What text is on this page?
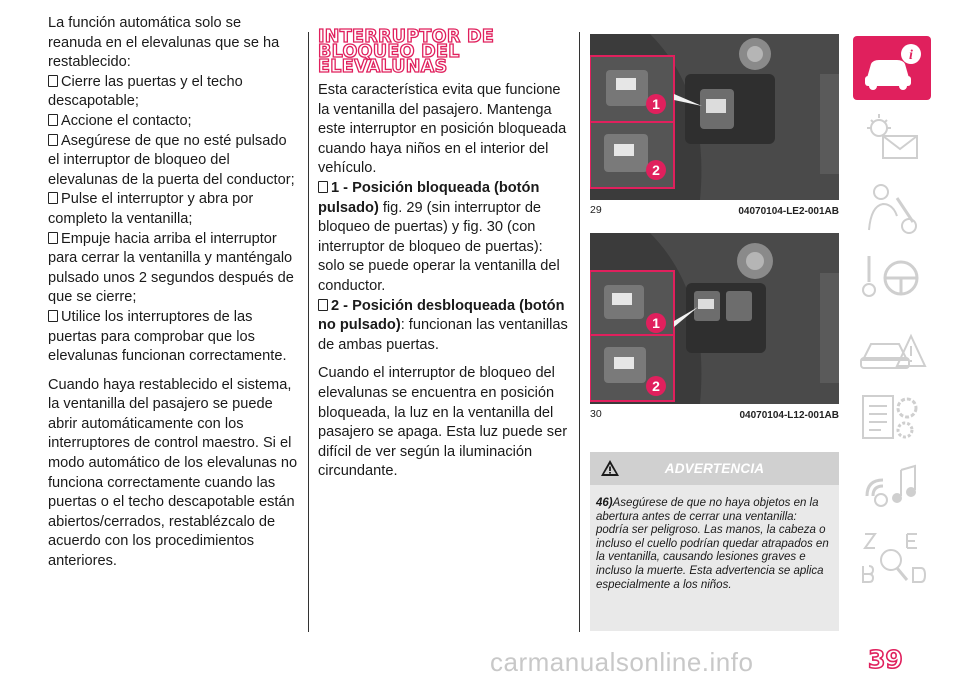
La función automática solo se reanuda en el elevalunas que se ha restablecido:

Cierre las puertas y el techo descapotable;
Accione el contacto;
Asegúrese de que no esté pulsado el interruptor de bloqueo del elevalunas de la puerta del conductor;
Pulse el interruptor y abra por completo la ventanilla;
Empuje hacia arriba el interruptor para cerrar la ventanilla y manténgalo pulsado unos 2 segundos después de que se cierre;
Utilice los interruptores de las puertas para comprobar que los elevalunas funcionan correctamente.

Cuando haya restablecido el sistema, la ventanilla del pasajero se puede abrir automáticamente con los interruptores de control maestro. Si el modo automático de los elevalunas no funciona correctamente cuando las puertas o el techo descapotable están abiertos/cerrados, restablézcalo de acuerdo con los procedimientos anteriores.

INTERRUPTOR DE BLOQUEO DEL ELEVALUNAS

Esta característica evita que funcione la ventanilla del pasajero. Mantenga este interruptor en posición bloqueada cuando haya niños en el interior del vehículo.

1 - Posición bloqueada (botón pulsado) fig. 29 (sin interruptor de bloqueo de puertas) y fig. 30 (con interruptor de bloqueo de puertas): solo se puede operar la ventanilla del conductor.
2 - Posición desbloqueada (botón no pulsado): funcionan las ventanillas de ambas puertas.

Cuando el interruptor de bloqueo del elevalunas se encuentra en posición bloqueada, la luz en la ventanilla del pasajero se apaga. Esta luz puede ser difícil de ver según la iluminación circundante.

1
2
29	04070104-LE2-001AB
1
2
30	04070104-L12-001AB
ADVERTENCIA
46)Asegúrese de que no haya objetos en la abertura antes de cerrar una ventanilla: podría ser peligroso. Las manos, la cabeza o incluso el cuello podrían quedar atrapados en la ventanilla, causando lesiones graves e incluso la muerte. Esta advertencia se aplica especialmente a los niños.
i
carmanualsonline.info	39
